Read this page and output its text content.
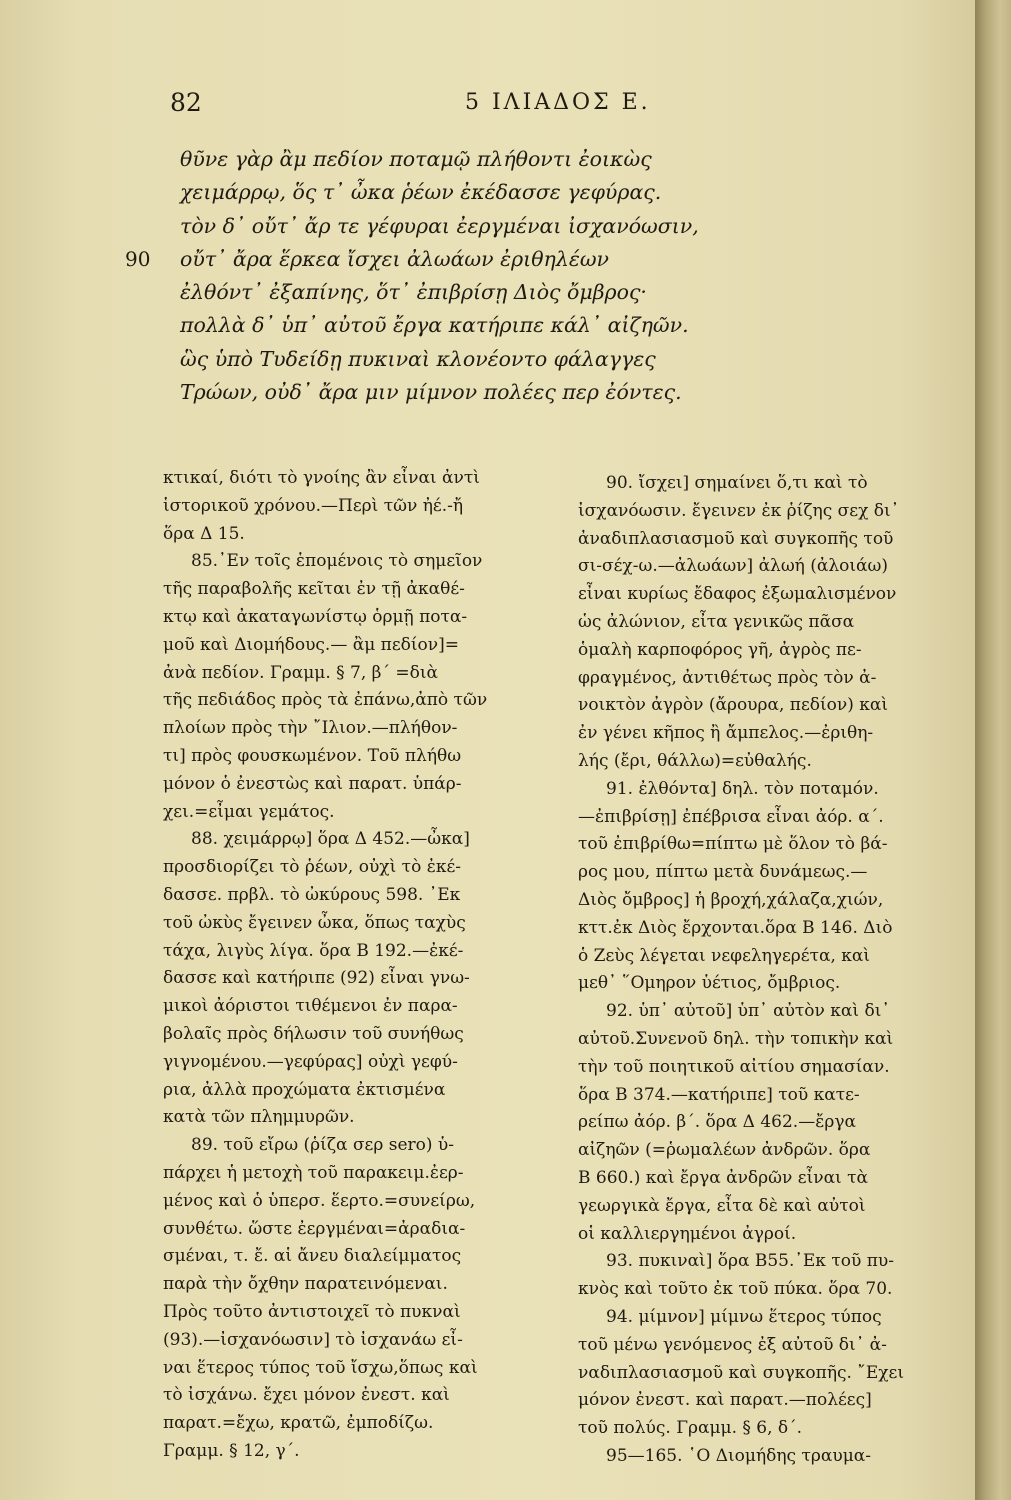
82	5 ΙΛΙΑΔΟΣ Ε.
θῦνε γὰρ ἂμ πεδίον ποταμῷ πλήθοντι ἐοικὼς
χειμάρρῳ, ὅς τ᾽ ὦκα ῥέων ἐκέδασσε γεφύρας.
τὸν δ᾽ οὔτ᾽ ἄρ τε γέφυραι ἐεργμέναι ἰσχανόωσιν,
90 οὔτ᾽ ἄρα ἕρκεα ἴσχει ἀλωάων ἐριθηλέων
ἐλθόντ᾽ ἐξαπίνης, ὅτ᾽ ἐπιβρίσῃ Διὸς ὄμβρος·
πολλὰ δ᾽ ὑπ᾽ αὐτοῦ ἔργα κατήριπε κάλ᾽ αἰζηῶν.
ὣς ὑπὸ Τυδείδῃ πυκιναὶ κλονέοντο φάλαγγες
Τρώων, οὐδ᾽ ἄρα μιν μίμνον πολέες περ ἐόντες.
κτικαί, διότι τὸ γνοίης ἂν εἶναι ἀντὶ
ἱστορικοῦ χρόνου.—Περὶ τῶν ἠέ.-ἤ
ὅρα Δ 15.
85.᾽Εν τοῖς ἑπομένοις τὸ σημεῖον
τῆς παραβολῆς κεῖται ἐν τῇ ἀκαθέ-
κτῳ καὶ ἀκαταγωνίστῳ ὁρμῇ ποτα-
μοῦ καὶ Διομήδους.— ἂμ πεδίον]=
ἀνὰ πεδίον. Γραμμ. § 7, β΄ =διὰ
τῆς πεδιάδος πρὸς τὰ ἐπάνω,ἀπὸ τῶν
πλοίων πρὸς τὴν ῎Ιλιον.—πλήθον-
τι] πρὸς φουσκωμένον. Τοῦ πλήθω
μόνον ὁ ἐνεστὼς καὶ παρατ. ὑπάρ-
χει.=εἶμαι γεμάτος.
88. χειμάρρῳ] ὅρα Δ 452.—ὦκα]
προσδιορίζει τὸ ῥέων, οὐχὶ τὸ ἐκέ-
δασσε. πρβλ. τὸ ὠκύρους 598. ᾽Εκ
τοῦ ὠκὺς ἔγεινεν ὦκα, ὅπως ταχὺς
τάχα, λιγὺς λίγα. ὅρα Β 192.—ἐκέ-
δασσε καὶ κατήριπε (92) εἶναι γνω-
μικοὶ ἀόριστοι τιθέμενοι ἐν παρα-
βολαῖς πρὸς δήλωσιν τοῦ συνήθως
γιγνομένου.—γεφύρας] οὐχὶ γεφύ-
ρια, ἀλλὰ προχώματα ἐκτισμένα
κατὰ τῶν πλημμυρῶν.
89. τοῦ εἴρω (ῥίζα σερ sero) ὑ-
πάρχει ἡ μετοχὴ τοῦ παρακειμ.ἐερ-
μένος καὶ ὁ ὑπερσ. ἕερτο.=συνείρω,
συνθέτω. ὥστε ἐεργμέναι=ἀραδια-
σμέναι, τ. ἔ. αἱ ἄνευ διαλείμματος
παρὰ τὴν ὄχθην παρατεινόμεναι.
Πρὸς τοῦτο ἀντιστοιχεῖ τὸ πυκναὶ
(93).—ἰσχανόωσιν] τὸ ἰσχανάω εἶ-
ναι ἕτερος τύπος τοῦ ἴσχω,ὅπως καὶ
τὸ ἰσχάνω. ἔχει μόνον ἐνεστ. καὶ
παρατ.=ἔχω, κρατῶ, ἐμποδίζω.
Γραμμ. § 12, γ΄.
90. ἴσχει] σημαίνει ὅ,τι καὶ τὸ
ἰσχανόωσιν. ἔγεινεν ἐκ ῥίζης σεχ δι᾽
ἀναδιπλασιασμοῦ καὶ συγκοπῆς τοῦ
σι-σέχ-ω.—ἀλωάων] ἀλωή (ἀλοιάω)
εἶναι κυρίως ἔδαφος ἐξωμαλισμένον
ὡς ἀλώνιον, εἶτα γενικῶς πᾶσα
ὁμαλὴ καρποφόρος γῆ, ἀγρὸς πε-
φραγμένος, ἀντιθέτως πρὸς τὸν ἀ-
νοικτὸν ἀγρὸν (ἄρουρα, πεδίον) καὶ
ἐν γένει κῆπος ἢ ἄμπελος.—ἐριθη-
λής (ἔρι, θάλλω)=εὐθαλής.
91. ἐλθόντα] δηλ. τὸν ποταμόν.
—ἐπιβρίσῃ] ἐπέβρισα εἶναι ἀόρ. α΄.
τοῦ ἐπιβρίθω=πίπτω μὲ ὅλον τὸ βά-
ρος μου, πίπτω μετὰ δυνάμεως.—
Διὸς ὄμβρος] ἡ βροχή,χάλαζα,χιών,
κττ.ἐκ Διὸς ἔρχονται.ὅρα Β 146. Διὸ
ὁ Ζεὺς λέγεται νεφεληγερέτα, καὶ
μεθ᾽ ῞Ομηρον ὑέτιος, ὄμβριος.
92. ὑπ᾽ αὐτοῦ] ὑπ᾽ αὐτὸν καὶ δι᾽
αὐτοῦ.Συνενοῦ δηλ. τὴν τοπικὴν καὶ
τὴν τοῦ ποιητικοῦ αἰτίου σημασίαν.
ὅρα Β 374.—κατήριπε] τοῦ κατε-
ρείπω ἀόρ. β΄. ὅρα Δ 462.—ἔργα
αἰζηῶν (=ῥωμαλέων ἀνδρῶν. ὅρα
Β 660.) καὶ ἔργα ἀνδρῶν εἶναι τὰ
γεωργικὰ ἔργα, εἶτα δὲ καὶ αὐτοὶ
οἱ καλλιεργημένοι ἀγροί.
93. πυκιναὶ] ὅρα Β55.᾽Εκ τοῦ πυ-
κνὸς καὶ τοῦτο ἐκ τοῦ πύκα. ὅρα 70.
94. μίμνον] μίμνω ἕτερος τύπος
τοῦ μένω γενόμενος ἐξ αὐτοῦ δι᾽ ἀ-
ναδιπλασιασμοῦ καὶ συγκοπῆς. ῎Εχει
μόνον ἐνεστ. καὶ παρατ.—πολέες]
τοῦ πολύς. Γραμμ. § 6, δ΄.
95—165. ῾Ο Διομήδης τραυμα-
